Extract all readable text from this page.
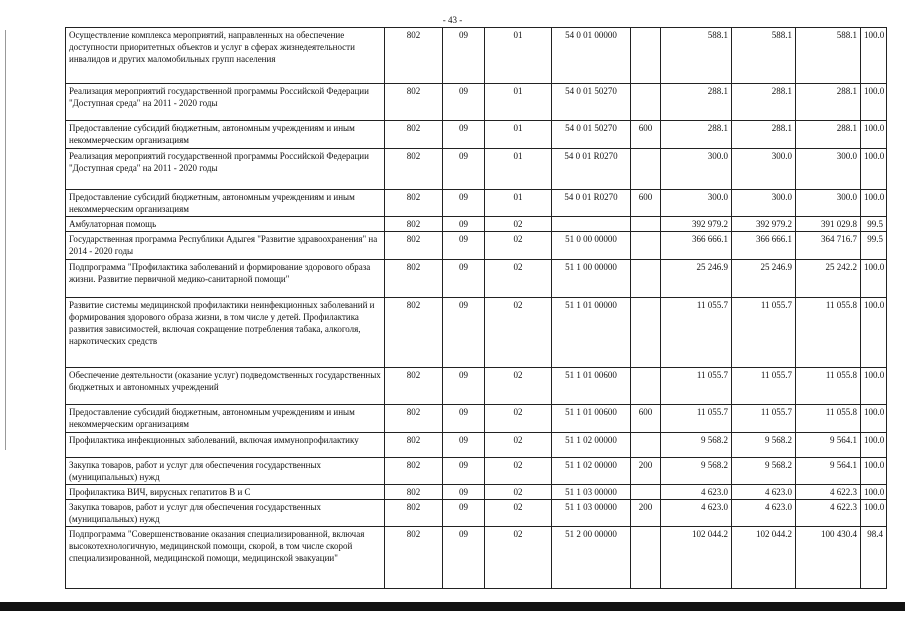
- 43 -
Осуществление комплекса мероприятий, направленных на обеспечение доступности приоритетных объектов и услуг в сферах жизнедеятельности инвалидов и других маломобильных групп населения	802	09	01	54 0 01 00000		588.1	588.1	588.1	100.0
Реализация мероприятий государственной программы Российской Федерации "Доступная среда" на 2011 - 2020 годы	802	09	01	54 0 01 50270		288.1	288.1	288.1	100.0
Предоставление субсидий бюджетным, автономным учреждениям и иным некоммерческим организациям	802	09	01	54 0 01 50270	600	288.1	288.1	288.1	100.0
Реализация мероприятий государственной программы Российской Федерации "Доступная среда" на 2011 - 2020 годы	802	09	01	54 0 01 R0270		300.0	300.0	300.0	100.0
Предоставление субсидий бюджетным, автономным учреждениям и иным некоммерческим организациям	802	09	01	54 0 01 R0270	600	300.0	300.0	300.0	100.0
Амбулаторная помощь	802	09	02			392 979.2	392 979.2	391 029.8	99.5
Государственная программа Республики Адыгея "Развитие здравоохранения" на 2014 - 2020 годы	802	09	02	51 0 00 00000		366 666.1	366 666.1	364 716.7	99.5
Подпрограмма "Профилактика заболеваний и формирование здорового образа жизни. Развитие первичной медико-санитарной помощи"	802	09	02	51 1 00 00000		25 246.9	25 246.9	25 242.2	100.0
Развитие системы медицинской профилактики неинфекционных заболеваний и формирования здорового образа жизни, в том числе у детей. Профилактика развития зависимостей, включая сокращение потребления табака, алкоголя, наркотических средств	802	09	02	51 1 01 00000		11 055.7	11 055.7	11 055.8	100.0
Обеспечение деятельности (оказание услуг) подведомственных государственных бюджетных и автономных учреждений	802	09	02	51 1 01 00600		11 055.7	11 055.7	11 055.8	100.0
Предоставление субсидий бюджетным, автономным учреждениям и иным некоммерческим организациям	802	09	02	51 1 01 00600	600	11 055.7	11 055.7	11 055.8	100.0
Профилактика инфекционных заболеваний, включая иммунопрофилактику	802	09	02	51 1 02 00000		9 568.2	9 568.2	9 564.1	100.0
Закупка товаров, работ и услуг для обеспечения государственных (муниципальных) нужд	802	09	02	51 1 02 00000	200	9 568.2	9 568.2	9 564.1	100.0
Профилактика ВИЧ, вирусных гепатитов В и С	802	09	02	51 1 03 00000		4 623.0	4 623.0	4 622.3	100.0
Закупка товаров, работ и услуг для обеспечения государственных (муниципальных) нужд	802	09	02	51 1 03 00000	200	4 623.0	4 623.0	4 622.3	100.0
Подпрограмма "Совершенствование оказания специализированной, включая высокотехнологичную, медицинской помощи, скорой, в том числе скорой специализированной, медицинской помощи, медицинской эвакуации"	802	09	02	51 2 00 00000		102 044.2	102 044.2	100 430.4	98.4
